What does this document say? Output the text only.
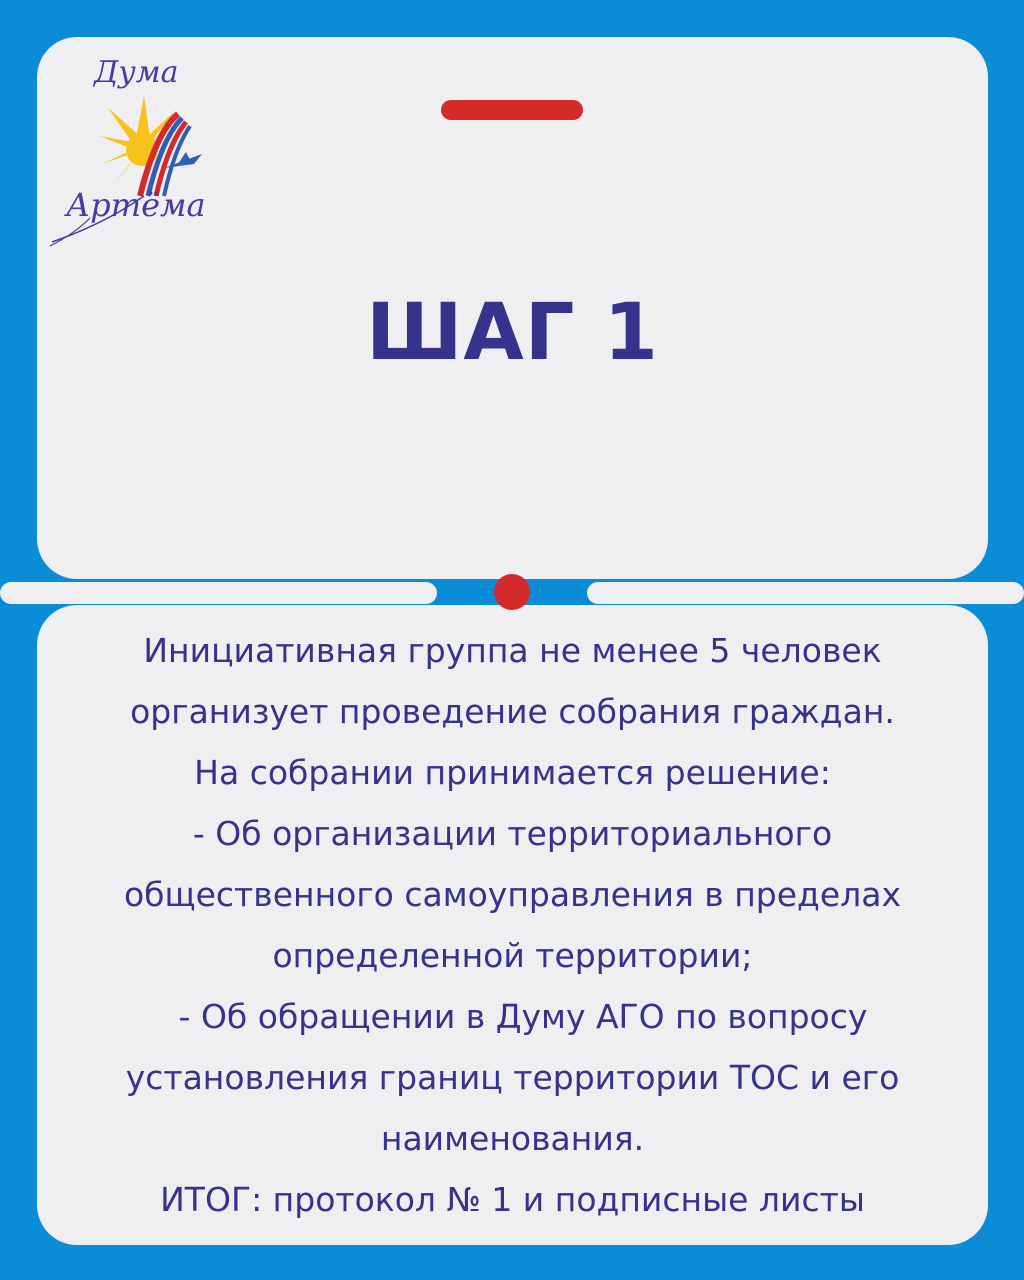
Дума
Артёма
ШАГ 1
Инициативная группа не менее 5 человек
организует проведение собрания граждан.
На собрании принимается решение:
- Об организации территориального
общественного самоуправления в пределах
определенной территории;
- Об обращении в Думу АГО по вопросу
установления границ территории ТОС и его
наименования.
ИТОГ: протокол № 1 и подписные листы
